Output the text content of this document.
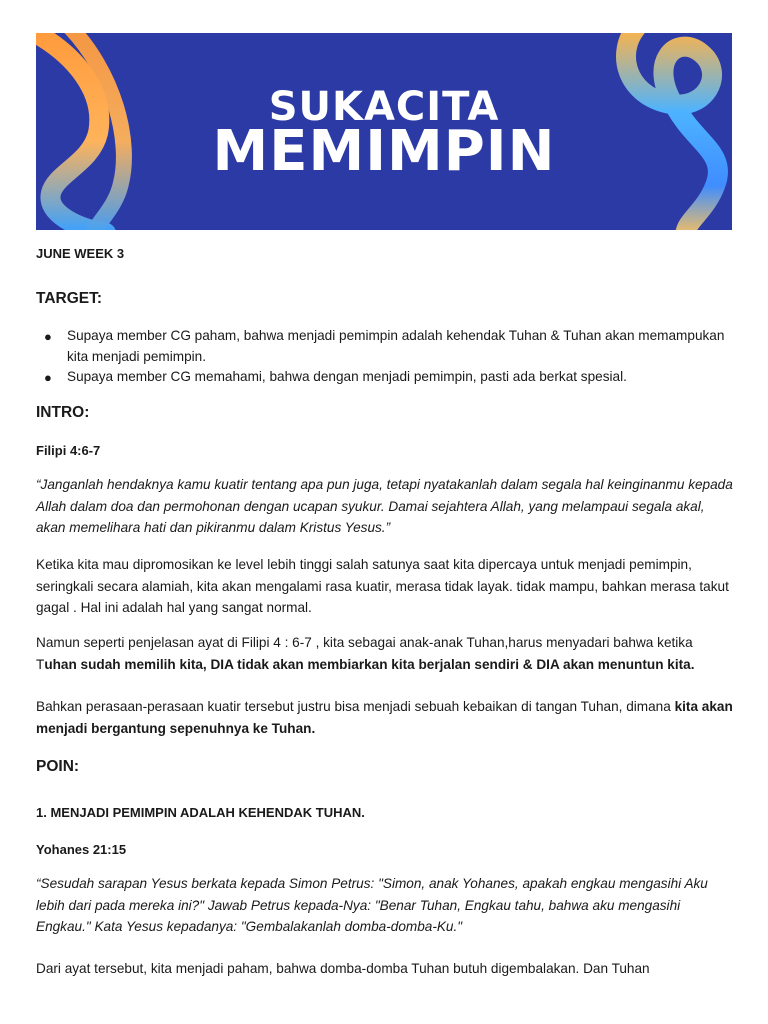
SUKACITA
MEMIMPIN
JUNE WEEK 3
TARGET:
● Supaya member CG paham, bahwa menjadi pemimpin adalah kehendak Tuhan & Tuhan akan memampukan kita menjadi pemimpin.
● Supaya member CG memahami, bahwa dengan menjadi pemimpin, pasti ada berkat spesial.
INTRO:
Filipi 4:6-7
“Janganlah hendaknya kamu kuatir tentang apa pun juga, tetapi nyatakanlah dalam segala hal keinginanmu kepada Allah dalam doa dan permohonan dengan ucapan syukur. Damai sejahtera Allah, yang melampaui segala akal, akan memelihara hati dan pikiranmu dalam Kristus Yesus.”
Ketika kita mau dipromosikan ke level lebih tinggi salah satunya saat kita dipercaya untuk menjadi pemimpin, seringkali secara alamiah, kita akan mengalami rasa kuatir, merasa tidak layak. tidak mampu, bahkan merasa takut gagal . Hal ini adalah hal yang sangat normal.
Namun seperti penjelasan ayat di Filipi 4 : 6-7 , kita sebagai anak-anak Tuhan,harus menyadari bahwa ketika Tuhan sudah memilih kita, DIA tidak akan membiarkan kita berjalan sendiri & DIA akan menuntun kita.
Bahkan perasaan-perasaan kuatir tersebut justru bisa menjadi sebuah kebaikan di tangan Tuhan, dimana kita akan menjadi bergantung sepenuhnya ke Tuhan.
POIN:
1. MENJADI PEMIMPIN ADALAH KEHENDAK TUHAN.
Yohanes 21:15
“Sesudah sarapan Yesus berkata kepada Simon Petrus: "Simon, anak Yohanes, apakah engkau mengasihi Aku lebih dari pada mereka ini?" Jawab Petrus kepada-Nya: "Benar Tuhan, Engkau tahu, bahwa aku mengasihi Engkau." Kata Yesus kepadanya: "Gembalakanlah domba-domba-Ku."
Dari ayat tersebut, kita menjadi paham, bahwa domba-domba Tuhan butuh digembalakan. Dan Tuhan
